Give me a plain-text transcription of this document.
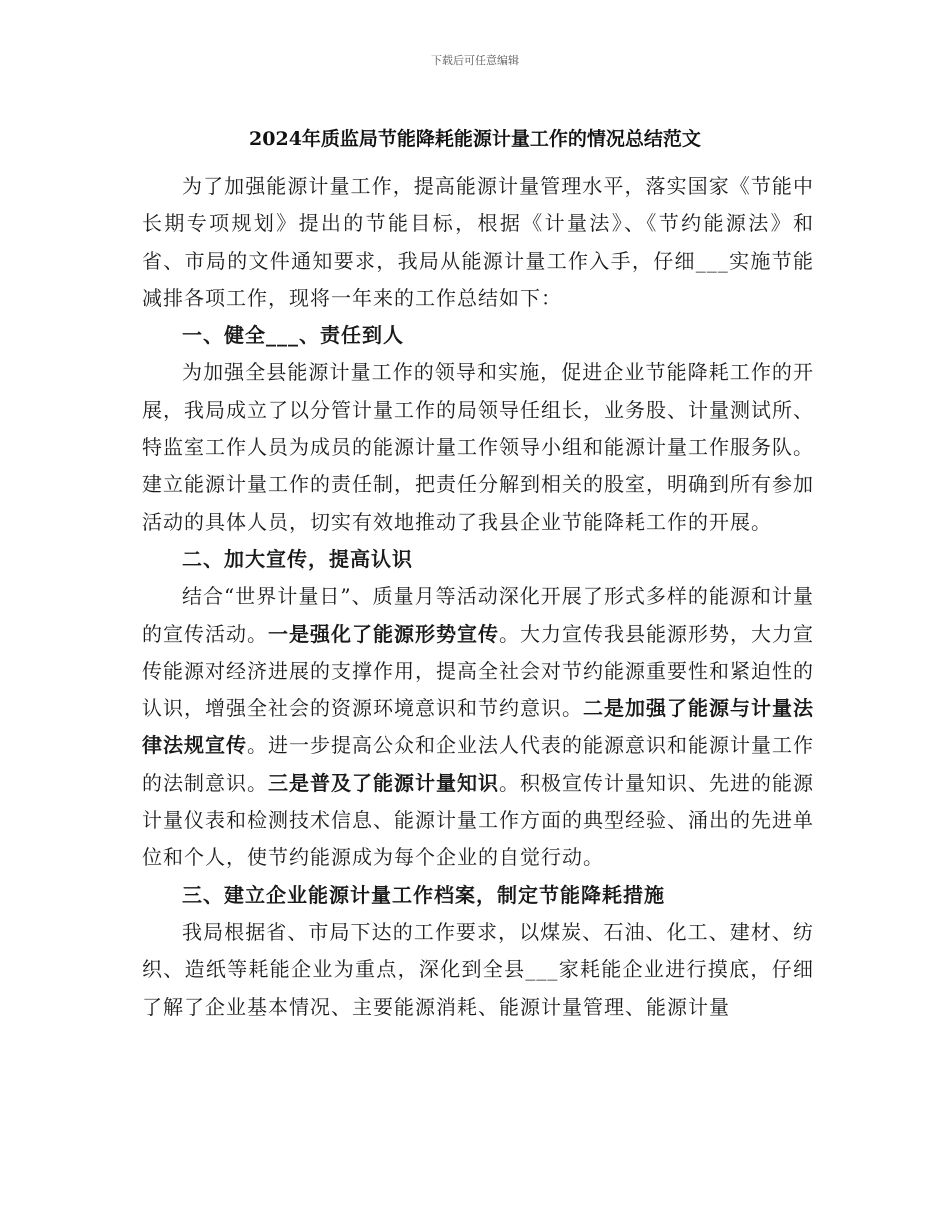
下载后可任意编辑
2024年质监局节能降耗能源计量工作的情况总结范文

为了加强能源计量工作，提高能源计量管理水平，落实国家《节能中长期专项规划》提出的节能目标，根据《计量法》、《节约能源法》和省、市局的文件通知要求，我局从能源计量工作入手，仔细___实施节能减排各项工作，现将一年来的工作总结如下：

一、健全___、责任到人

为加强全县能源计量工作的领导和实施，促进企业节能降耗工作的开展，我局成立了以分管计量工作的局领导任组长，业务股、计量测试所、特监室工作人员为成员的能源计量工作领导小组和能源计量工作服务队。建立能源计量工作的责任制，把责任分解到相关的股室，明确到所有参加活动的具体人员，切实有效地推动了我县企业节能降耗工作的开展。

二、加大宣传，提高认识

结合“世界计量日”、质量月等活动深化开展了形式多样的能源和计量的宣传活动。一是强化了能源形势宣传。大力宣传我县能源形势，大力宣传能源对经济进展的支撑作用，提高全社会对节约能源重要性和紧迫性的认识，增强全社会的资源环境意识和节约意识。二是加强了能源与计量法律法规宣传。进一步提高公众和企业法人代表的能源意识和能源计量工作的法制意识。三是普及了能源计量知识。积极宣传计量知识、先进的能源计量仪表和检测技术信息、能源计量工作方面的典型经验、涌出的先进单位和个人，使节约能源成为每个企业的自觉行动。

三、建立企业能源计量工作档案，制定节能降耗措施

我局根据省、市局下达的工作要求，以煤炭、石油、化工、建材、纺织、造纸等耗能企业为重点，深化到全县___家耗能企业进行摸底，仔细了解了企业基本情况、主要能源消耗、能源计量管理、能源计量
